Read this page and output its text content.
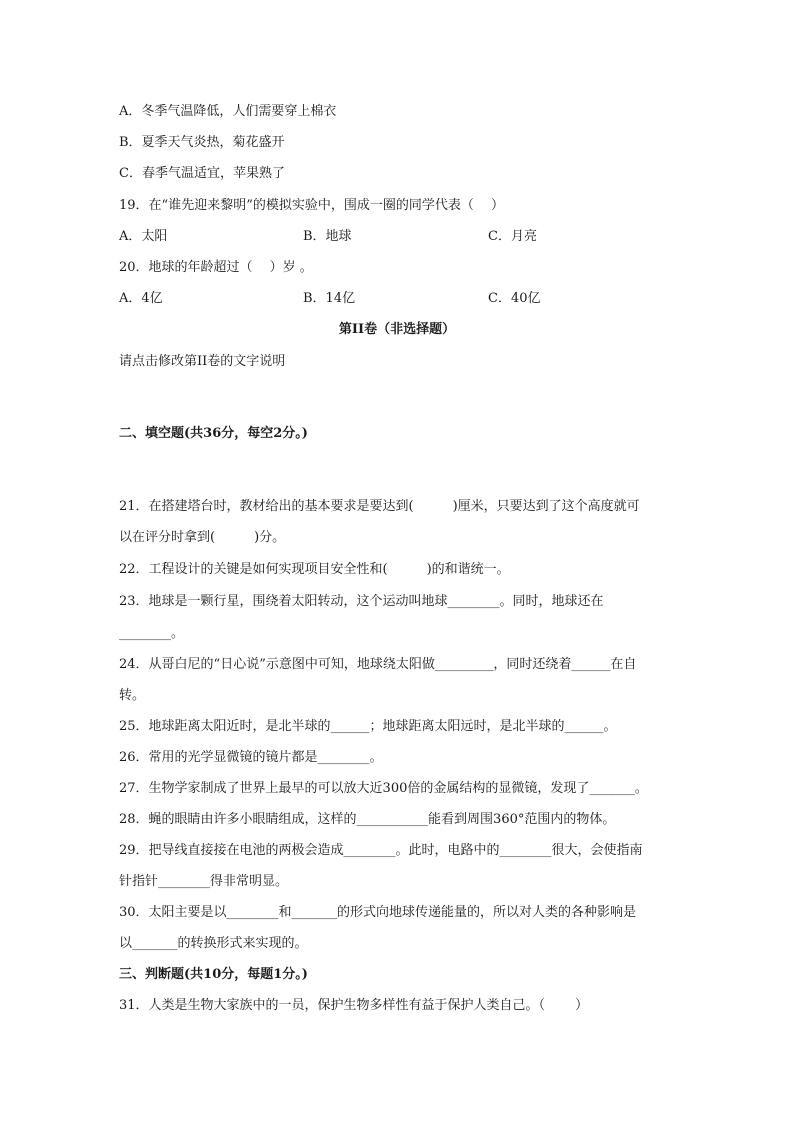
A．冬季气温降低，人们需要穿上棉衣
B．夏季天气炎热，菊花盛开
C．春季气温适宜，苹果熟了
19．在“谁先迎来黎明”的模拟实验中，围成一圈的同学代表（　 ）
A．太阳	B．地球	C．月亮
20．地球的年龄超过（　 ）岁 。
A．4亿	B．14亿	C．40亿
第II卷（非选择题）
请点击修改第II卷的文字说明
二、填空题(共36分，每空2分。)
21．在搭建塔台时，教材给出的基本要求是要达到(　　　)厘米，只要达到了这个高度就可
以在评分时拿到(　　　)分。
22．工程设计的关键是如何实现项目安全性和(　　　)的和谐统一。
23．地球是一颗行星，围绕着太阳转动，这个运动叫地球________。同时，地球还在
________。
24．从哥白尼的“日心说”示意图中可知，地球绕太阳做_________，同时还绕着______在自
转。
25．地球距离太阳近时，是北半球的______；地球距离太阳远时，是北半球的______。
26．常用的光学显微镜的镜片都是________。
27．生物学家制成了世界上最早的可以放大近300倍的金属结构的显微镜，发现了_______。
28．蝇的眼睛由许多小眼睛组成，这样的___________能看到周围360°范围内的物体。
29．把导线直接接在电池的两极会造成________。此时，电路中的________很大，会使指南
针指针________得非常明显。
30．太阳主要是以________和_______的形式向地球传递能量的，所以对人类的各种影响是
以_______的转换形式来实现的。
三、判断题(共10分，每题1分。)
31．人类是生物大家族中的一员，保护生物多样性有益于保护人类自己。（　　 ）
